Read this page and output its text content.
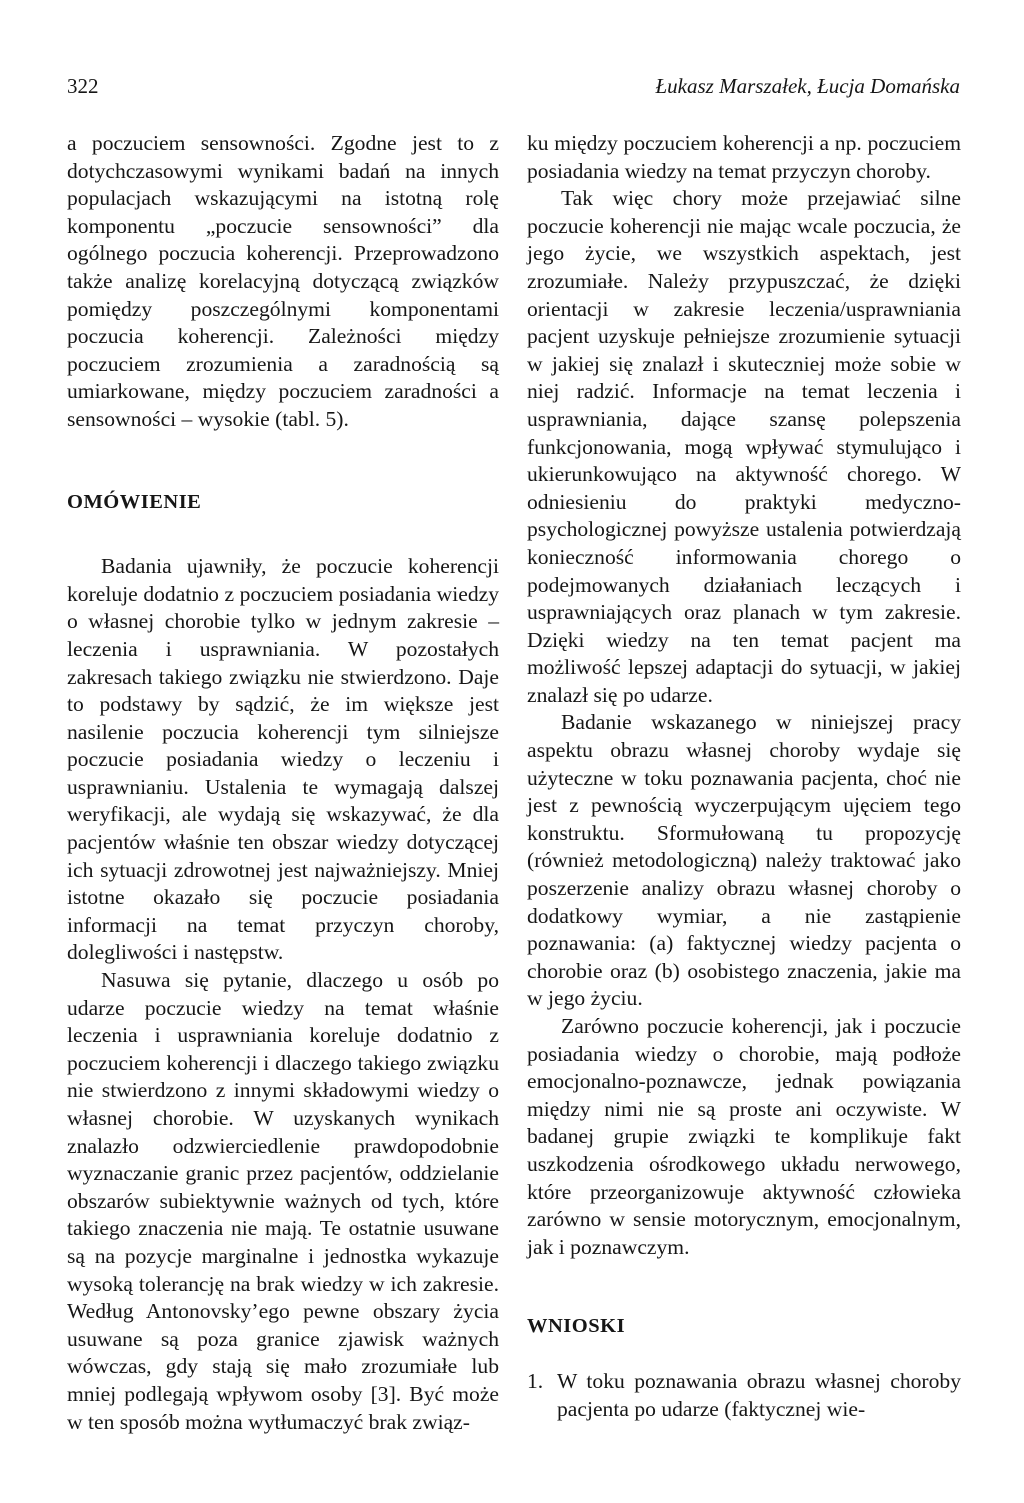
322	Łukasz Marszałek, Łucja Domańska

a poczuciem sensowności. Zgodne jest to z dotychczasowymi wynikami badań na innych populacjach wskazującymi na istotną rolę komponentu „poczucie sensowności” dla ogólnego poczucia koherencji. Przeprowadzono także analizę korelacyjną dotyczącą związków pomiędzy poszczególnymi komponentami poczucia koherencji. Zależności między poczuciem zrozumienia a zaradnością są umiarkowane, między poczuciem zaradności a sensowności – wysokie (tabl. 5).

OMÓWIENIE

Badania ujawniły, że poczucie koherencji koreluje dodatnio z poczuciem posiadania wiedzy o własnej chorobie tylko w jednym zakresie – leczenia i usprawniania. W pozostałych zakresach takiego związku nie stwierdzono. Daje to podstawy by sądzić, że im większe jest nasilenie poczucia koherencji tym silniejsze poczucie posiadania wiedzy o leczeniu i usprawnianiu. Ustalenia te wymagają dalszej weryfikacji, ale wydają się wskazywać, że dla pacjentów właśnie ten obszar wiedzy dotyczącej ich sytuacji zdrowotnej jest najważniejszy. Mniej istotne okazało się poczucie posiadania informacji na temat przyczyn choroby, dolegliwości i następstw.

Nasuwa się pytanie, dlaczego u osób po udarze poczucie wiedzy na temat właśnie leczenia i usprawniania koreluje dodatnio z poczuciem koherencji i dlaczego takiego związku nie stwierdzono z innymi składowymi wiedzy o własnej chorobie. W uzyskanych wynikach znalazło odzwierciedlenie prawdopodobnie wyznaczanie granic przez pacjentów, oddzielanie obszarów subiektywnie ważnych od tych, które takiego znaczenia nie mają. Te ostatnie usuwane są na pozycje marginalne i jednostka wykazuje wysoką tolerancję na brak wiedzy w ich zakresie. Według Antonovsky’ego pewne obszary życia usuwane są poza granice zjawisk ważnych wówczas, gdy stają się mało zrozumiałe lub mniej podlegają wpływom osoby [3]. Być może w ten sposób można wytłumaczyć brak związ-

ku między poczuciem koherencji a np. poczuciem posiadania wiedzy na temat przyczyn choroby.

Tak więc chory może przejawiać silne poczucie koherencji nie mając wcale poczucia, że jego życie, we wszystkich aspektach, jest zrozumiałe. Należy przypuszczać, że dzięki orientacji w zakresie leczenia/usprawniania pacjent uzyskuje pełniejsze zrozumienie sytuacji w jakiej się znalazł i skuteczniej może sobie w niej radzić. Informacje na temat leczenia i usprawniania, dające szansę polepszenia funkcjonowania, mogą wpływać stymulująco i ukierunkowująco na aktywność chorego. W odniesieniu do praktyki medyczno-psychologicznej powyższe ustalenia potwierdzają konieczność informowania chorego o podejmowanych działaniach leczących i usprawniających oraz planach w tym zakresie. Dzięki wiedzy na ten temat pacjent ma możliwość lepszej adaptacji do sytuacji, w jakiej znalazł się po udarze.

Badanie wskazanego w niniejszej pracy aspektu obrazu własnej choroby wydaje się użyteczne w toku poznawania pacjenta, choć nie jest z pewnością wyczerpującym ujęciem tego konstruktu. Sformułowaną tu propozycję (również metodologiczną) należy traktować jako poszerzenie analizy obrazu własnej choroby o dodatkowy wymiar, a nie zastąpienie poznawania: (a) faktycznej wiedzy pacjenta o chorobie oraz (b) osobistego znaczenia, jakie ma w jego życiu.

Zarówno poczucie koherencji, jak i poczucie posiadania wiedzy o chorobie, mają podłoże emocjonalno-poznawcze, jednak powiązania między nimi nie są proste ani oczywiste. W badanej grupie związki te komplikuje fakt uszkodzenia ośrodkowego układu nerwowego, które przeorganizowuje aktywność człowieka zarówno w sensie motorycznym, emocjonalnym, jak i poznawczym.

WNIOSKI
1. W toku poznawania obrazu własnej choroby pacjenta po udarze (faktycznej wie-
